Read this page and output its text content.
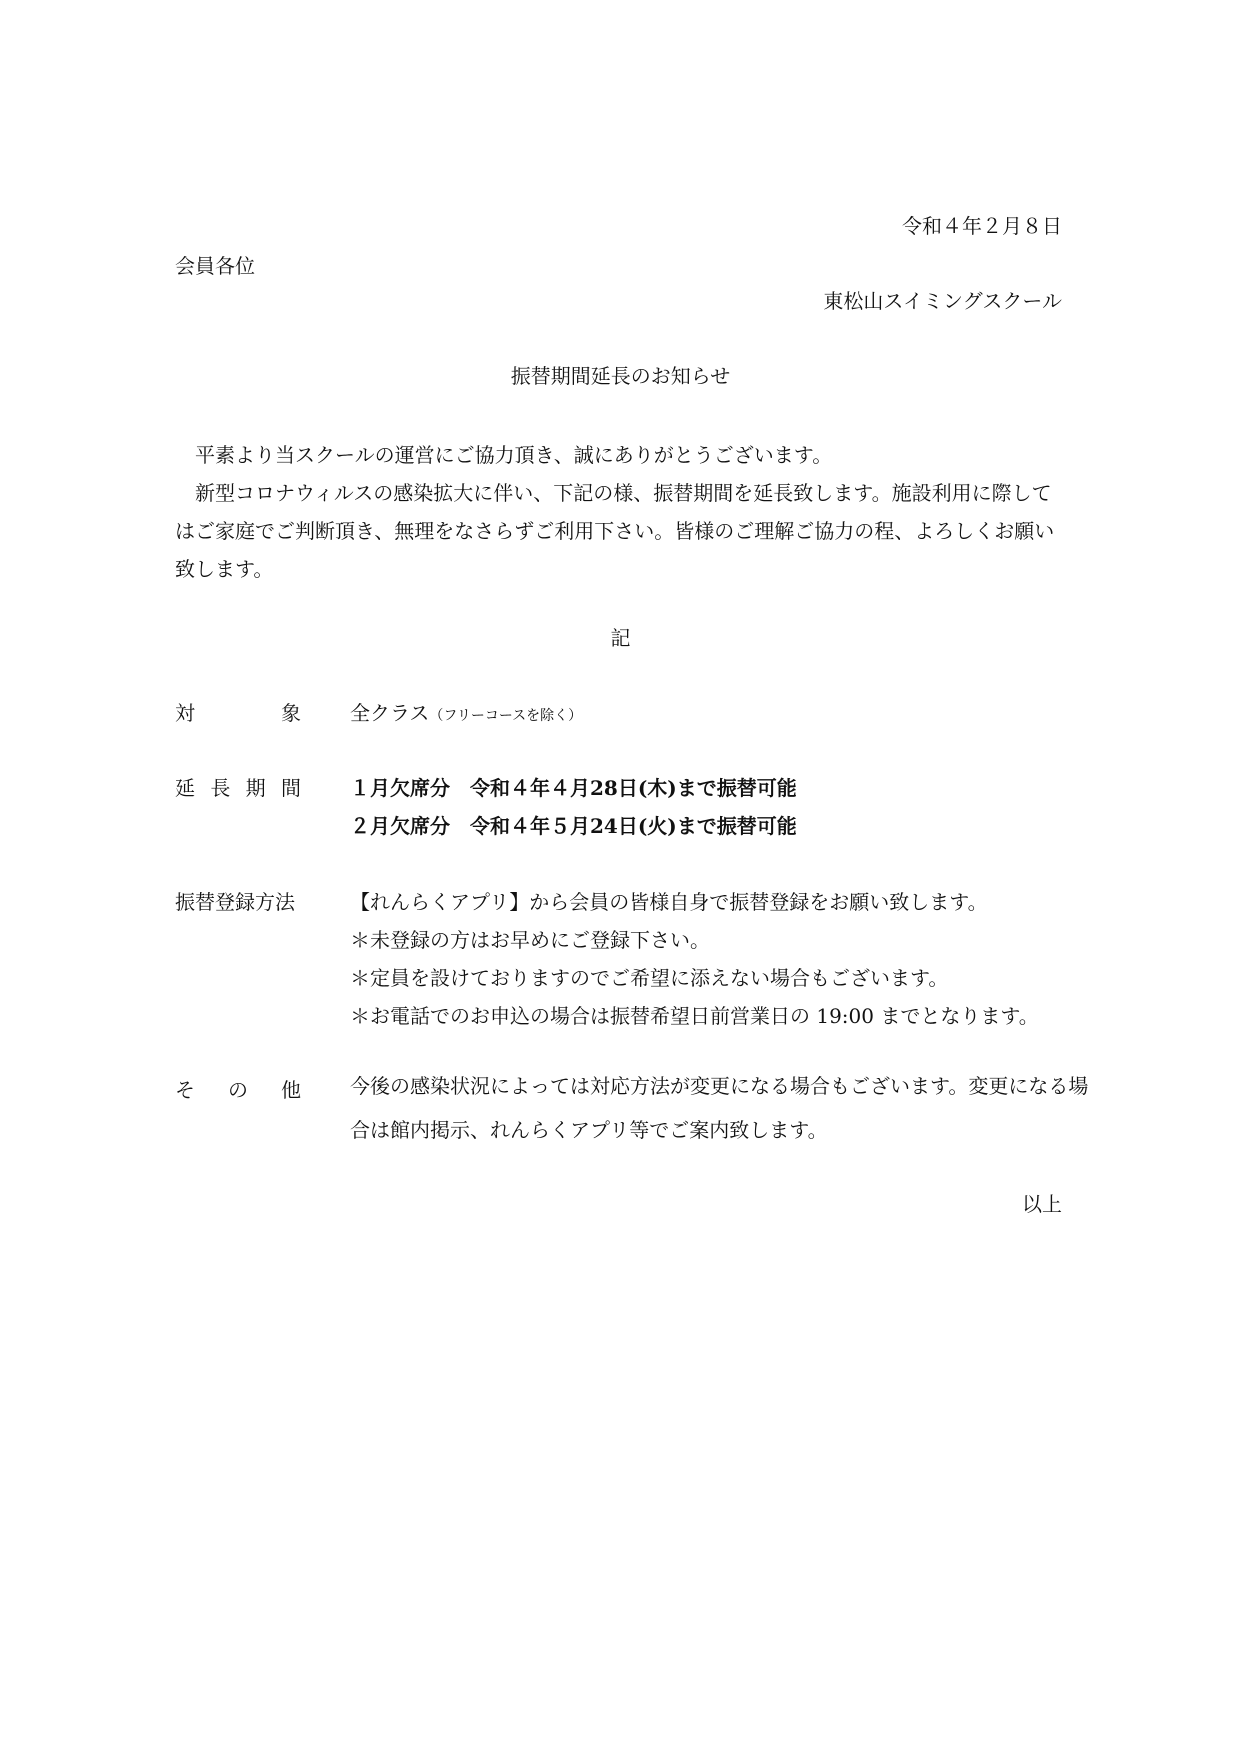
令和４年２月８日
会員各位
東松山スイミングスクール
振替期間延長のお知らせ
平素より当スクールの運営にご協力頂き、誠にありがとうございます。
新型コロナウィルスの感染拡大に伴い、下記の様、振替期間を延長致します。施設利用に際してはご家庭でご判断頂き、無理をなさらずご利用下さい。皆様のご理解ご協力の程、よろしくお願い致します。
記
対	象 全クラス（フリーコースを除く）
延 長 期 間 １月欠席分　令和４年４月28日(木)まで振替可能
２月欠席分　令和４年５月24日(火)まで振替可能
振替登録方法	【れんらくアプリ】から会員の皆様自身で振替登録をお願い致します。
＊未登録の方はお早めにご登録下さい。
＊定員を設けておりますのでご希望に添えない場合もございます。
＊お電話でのお申込の場合は振替希望日前営業日の 19:00 までとなります。
そ の 他 今後の感染状況によっては対応方法が変更になる場合もございます。変更になる場合は館内掲示、れんらくアプリ等でご案内致します。
以上
